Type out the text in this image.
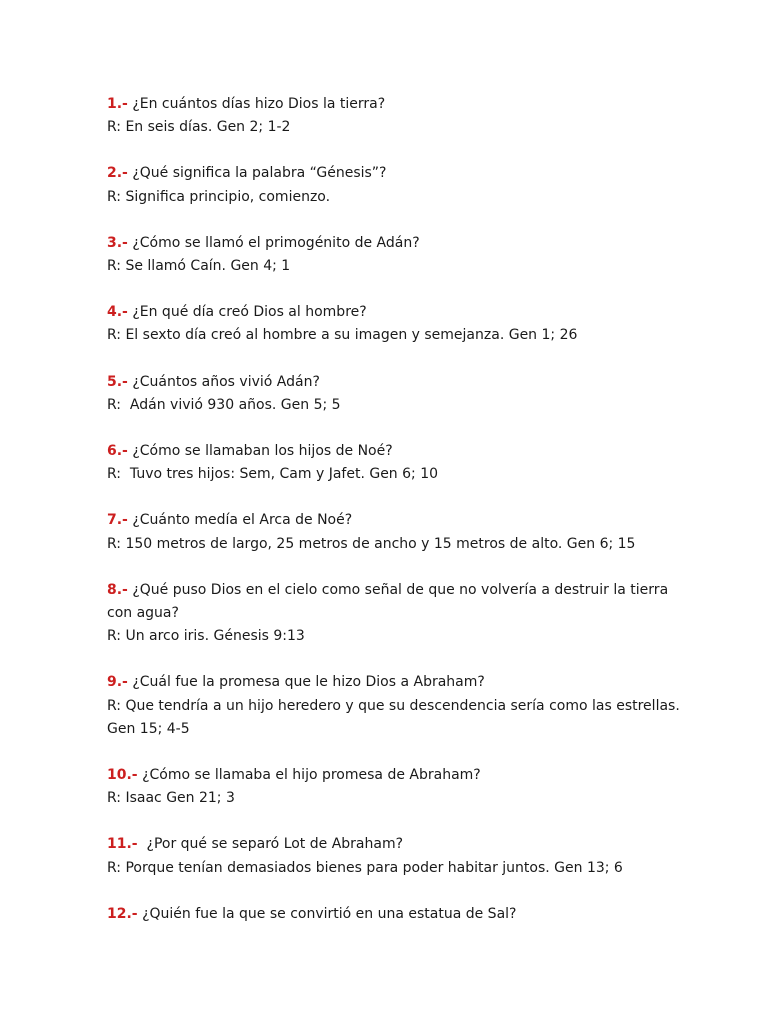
1.- ¿En cuántos días hizo Dios la tierra?
R: En seis días. Gen 2; 1-2
2.- ¿Qué significa la palabra “Génesis”?
R: Significa principio, comienzo.
3.- ¿Cómo se llamó el primogénito de Adán?
R: Se llamó Caín. Gen 4; 1
4.- ¿En qué día creó Dios al hombre?
R: El sexto día creó al hombre a su imagen y semejanza. Gen 1; 26
5.- ¿Cuántos años vivió Adán?
R:  Adán vivió 930 años. Gen 5; 5
6.- ¿Cómo se llamaban los hijos de Noé?
R:  Tuvo tres hijos: Sem, Cam y Jafet. Gen 6; 10
7.- ¿Cuánto medía el Arca de Noé?
R: 150 metros de largo, 25 metros de ancho y 15 metros de alto. Gen 6; 15
8.- ¿Qué puso Dios en el cielo como señal de que no volvería a destruir la tierra
con agua?
R: Un arco iris. Génesis 9:13
9.- ¿Cuál fue la promesa que le hizo Dios a Abraham?
R: Que tendría a un hijo heredero y que su descendencia sería como las estrellas.
Gen 15; 4-5
10.- ¿Cómo se llamaba el hijo promesa de Abraham?
R: Isaac Gen 21; 3
11.-  ¿Por qué se separó Lot de Abraham?
R: Porque tenían demasiados bienes para poder habitar juntos. Gen 13; 6
12.- ¿Quién fue la que se convirtió en una estatua de Sal?
